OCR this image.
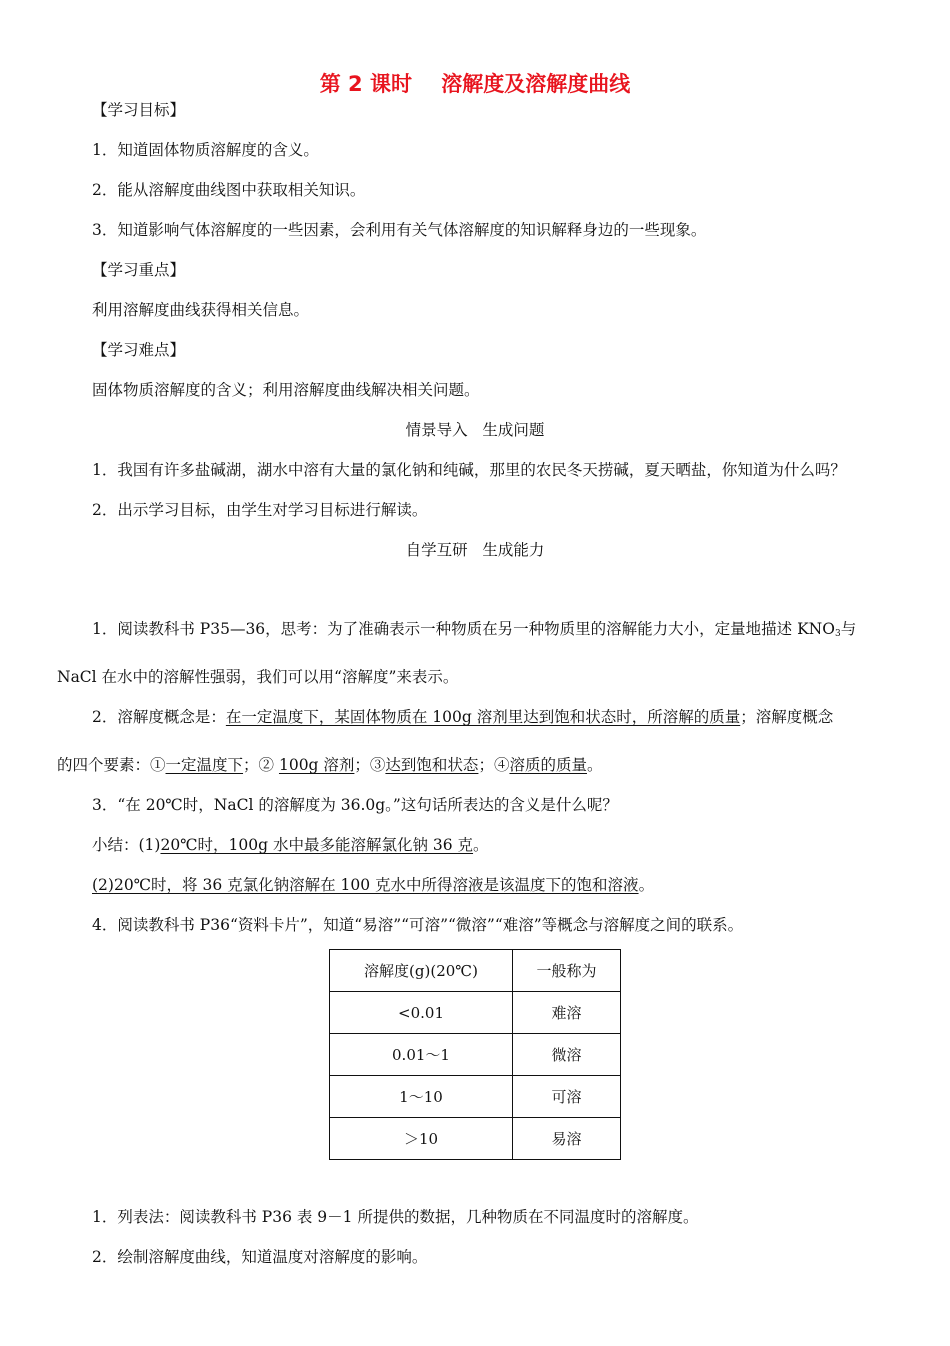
第 2 课时    溶解度及溶解度曲线
【学习目标】
1．知道固体物质溶解度的含义。
2．能从溶解度曲线图中获取相关知识。
3．知道影响气体溶解度的一些因素，会利用有关气体溶解度的知识解释身边的一些现象。
【学习重点】
利用溶解度曲线获得相关信息。
【学习难点】
固体物质溶解度的含义；利用溶解度曲线解决相关问题。
情景导入   生成问题
1．我国有许多盐碱湖，湖水中溶有大量的氯化钠和纯碱，那里的农民冬天捞碱，夏天晒盐，你知道为什么吗？
2．出示学习目标，由学生对学习目标进行解读。
自学互研   生成能力
1．阅读教科书 P35—36，思考：为了准确表示一种物质在另一种物质里的溶解能力大小，定量地描述 $KNO_3$与
NaCl 在水中的溶解性强弱，我们可以用“溶解度”来表示。
2．溶解度概念是：在一定温度下，某固体物质在 100g 溶剂里达到饱和状态时，所溶解的质量；溶解度概念
的四个要素：①一定温度下；② 100g 溶剂；③达到饱和状态；④溶质的质量。
3．“在 20℃时，NaCl 的溶解度为 36.0g。”这句话所表达的含义是什么呢？
小结：(1)20℃时，100g 水中最多能溶解氯化钠 36 克。
(2)20℃时，将 36 克氯化钠溶解在 100 克水中所得溶液是该温度下的饱和溶液。
4．阅读教科书 P36“资料卡片”，知道“易溶”“可溶”“微溶”“难溶”等概念与溶解度之间的联系。
溶解度(g)(20℃)	一般称为
<0.01	难溶
0.01～1	微溶
1～10	可溶
＞10	易溶
1．列表法：阅读教科书 P36 表 9－1 所提供的数据，几种物质在不同温度时的溶解度。
2．绘制溶解度曲线，知道温度对溶解度的影响。
